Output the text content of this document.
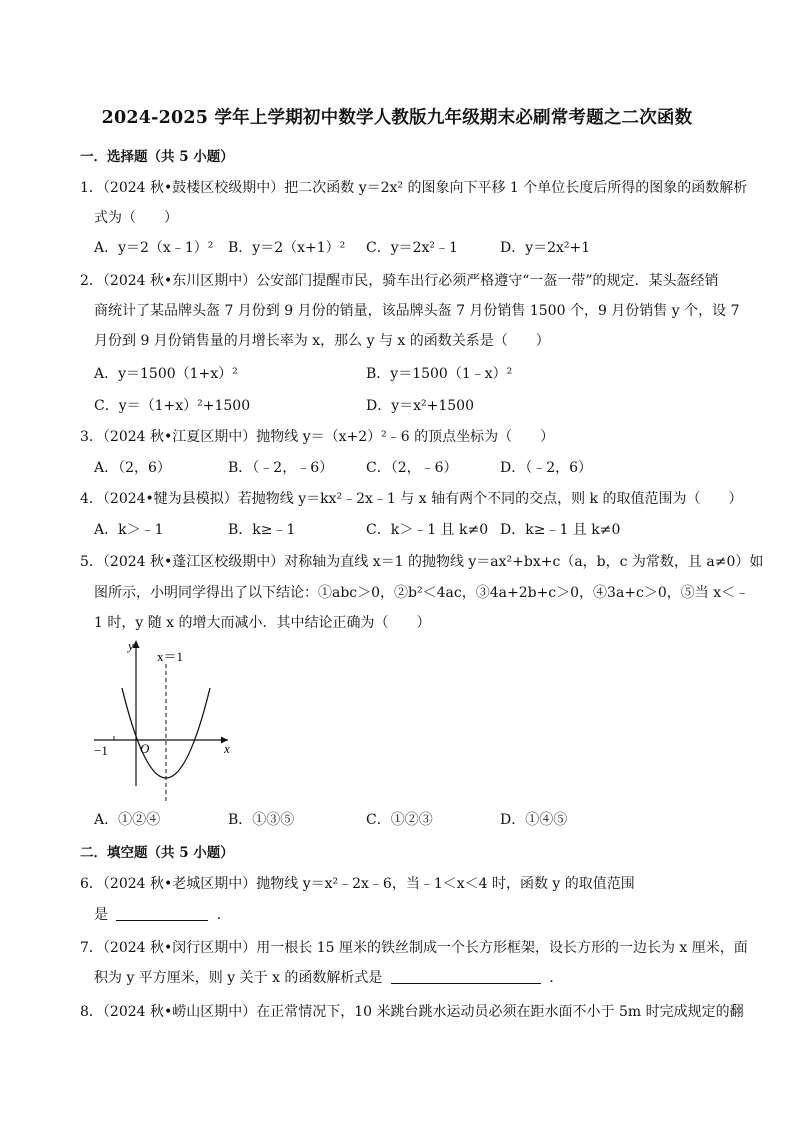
2024-2025 学年上学期初中数学人教版九年级期末必刷常考题之二次函数
一．选择题（共 5 小题）
1．（2024 秋•鼓楼区校级期中）把二次函数 y＝2x² 的图象向下平移 1 个单位长度后所得的图象的函数解析
式为（　　）
A．y＝2（x﹣1）² B．y＝2（x+1）² C．y＝2x²﹣1	D．y＝2x²+1
2．（2024 秋•东川区期中）公安部门提醒市民，骑车出行必须严格遵守“一盔一带”的规定．某头盔经销
商统计了某品牌头盔 7 月份到 9 月份的销量，该品牌头盔 7 月份销售 1500 个，9 月份销售 y 个，设 7
月份到 9 月份销售量的月增长率为 x，那么 y 与 x 的函数关系是（　　）
A．y＝1500（1+x）²	B．y＝1500（1﹣x）²
C．y＝（1+x）²+1500	D．y＝x²+1500
3．（2024 秋•江夏区期中）抛物线 y＝（x+2）²﹣6 的顶点坐标为（　　）
A．（2，6）	B．（﹣2，﹣6） C．（2，﹣6）	D．（﹣2，6）
4．（2024•犍为县模拟）若抛物线 y＝kx²﹣2x﹣1 与 x 轴有两个不同的交点，则 k 的取值范围为（　　）
A．k＞﹣1	B．k≥﹣1	C．k＞﹣1 且 k≠0 D．k≥﹣1 且 k≠0
5．（2024 秋•蓬江区校级期中）对称轴为直线 x＝1 的抛物线 y＝ax²+bx+c（a，b，c 为常数，且 a≠0）如
图所示，小明同学得出了以下结论：①abc＞0，②b²＜4ac，③4a+2b+c＞0，④3a+c＞0，⑤当 x＜﹣
1 时，y 随 x 的增大而减小．其中结论正确为（　　）
y
x＝1
−1 O	x
A．①②④	B．①③⑤	C．①②③	D．①④⑤
二．填空题（共 5 小题）
6．（2024 秋•老城区期中）抛物线 y＝x²﹣2x﹣6，当﹣1＜x＜4 时，函数 y 的取值范围
是	．
7．（2024 秋•闵行区期中）用一根长 15 厘米的铁丝制成一个长方形框架，设长方形的一边长为 x 厘米，面
积为 y 平方厘米，则 y 关于 x 的函数解析式是	．
8．（2024 秋•崂山区期中）在正常情况下，10 米跳台跳水运动员必须在距水面不小于 5m 时完成规定的翻
